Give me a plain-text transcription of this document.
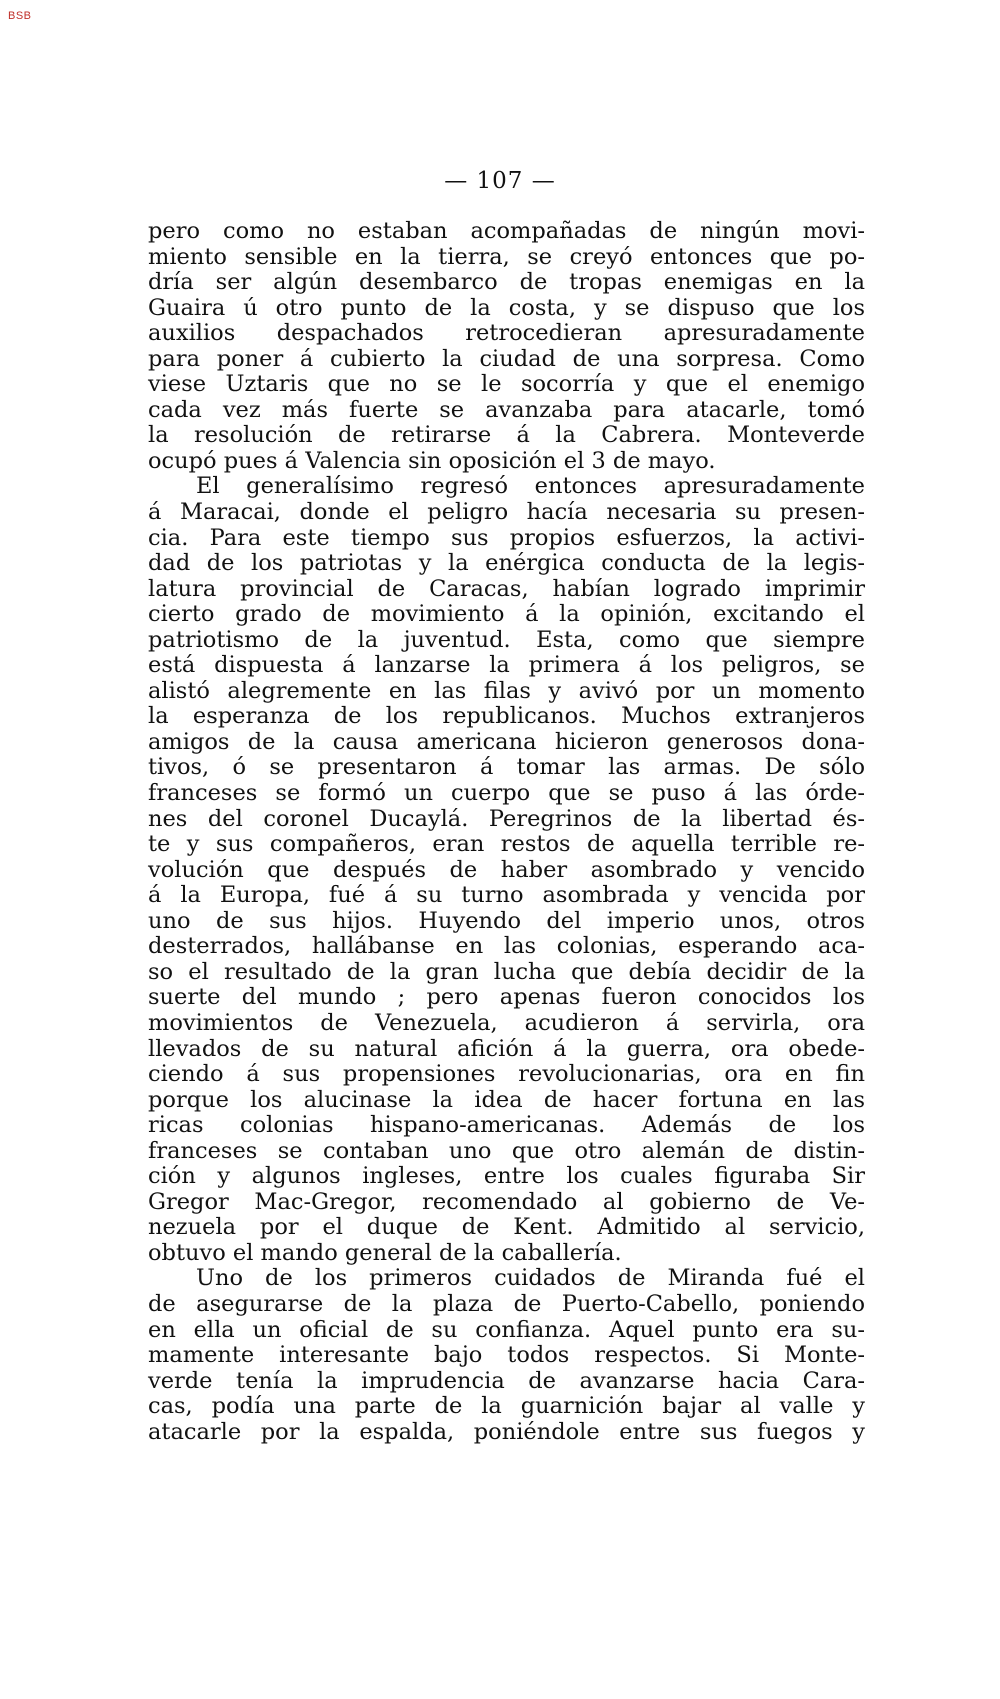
BSB
— 107 —
pero como no estaban acompañadas de ningún movi-
miento sensible en la tierra, se creyó entonces que po-
dría ser algún desembarco de tropas enemigas en la
Guaira ú otro punto de la costa, y se dispuso que los
auxilios despachados retrocedieran apresuradamente
para poner á cubierto la ciudad de una sorpresa. Como
viese Uztaris que no se le socorría y que el enemigo
cada vez más fuerte se avanzaba para atacarle, tomó
la resolución de retirarse á la Cabrera. Monteverde
ocupó pues á Valencia sin oposición el 3 de mayo.
El generalísimo regresó entonces apresuradamente
á Maracai, donde el peligro hacía necesaria su presen-
cia. Para este tiempo sus propios esfuerzos, la activi-
dad de los patriotas y la enérgica conducta de la legis-
latura provincial de Caracas, habían logrado imprimir
cierto grado de movimiento á la opinión, excitando el
patriotismo de la juventud. Esta, como que siempre
está dispuesta á lanzarse la primera á los peligros, se
alistó alegremente en las filas y avivó por un momento
la esperanza de los republicanos. Muchos extranjeros
amigos de la causa americana hicieron generosos dona-
tivos, ó se presentaron á tomar las armas. De sólo
franceses se formó un cuerpo que se puso á las órde-
nes del coronel Ducaylá. Peregrinos de la libertad és-
te y sus compañeros, eran restos de aquella terrible re-
volución que después de haber asombrado y vencido
á la Europa, fué á su turno asombrada y vencida por
uno de sus hijos. Huyendo del imperio unos, otros
desterrados, hallábanse en las colonias, esperando aca-
so el resultado de la gran lucha que debía decidir de la
suerte del mundo ; pero apenas fueron conocidos los
movimientos de Venezuela, acudieron á servirla, ora
llevados de su natural afición á la guerra, ora obede-
ciendo á sus propensiones revolucionarias, ora en fin
porque los alucinase la idea de hacer fortuna en las
ricas colonias hispano-americanas. Además de los
franceses se contaban uno que otro alemán de distin-
ción y algunos ingleses, entre los cuales figuraba Sir
Gregor Mac-Gregor, recomendado al gobierno de Ve-
nezuela por el duque de Kent. Admitido al servicio,
obtuvo el mando general de la caballería.
Uno de los primeros cuidados de Miranda fué el
de asegurarse de la plaza de Puerto-Cabello, poniendo
en ella un oficial de su confianza. Aquel punto era su-
mamente interesante bajo todos respectos. Si Monte-
verde tenía la imprudencia de avanzarse hacia Cara-
cas, podía una parte de la guarnición bajar al valle y
atacarle por la espalda, poniéndole entre sus fuegos y
